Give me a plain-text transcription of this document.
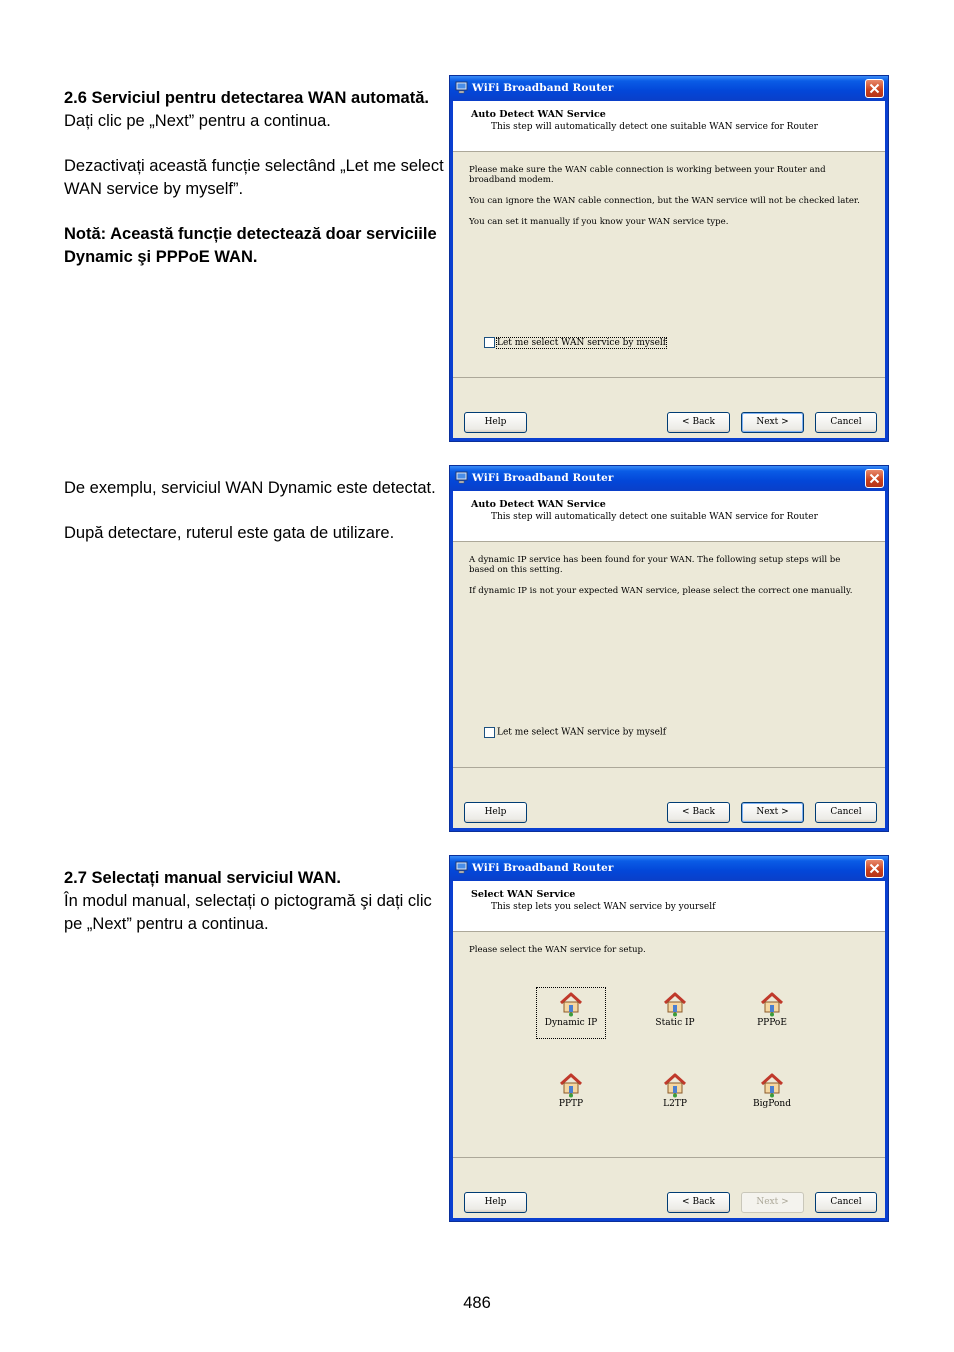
2.6 Serviciul pentru detectarea WAN automată.

Dați clic pe „Next” pentru a continua.

Dezactivați această funcție selectând „Let me select WAN service by myself”.

Notă: Această funcție detectează doar serviciile Dynamic şi PPPoE WAN.

WiFi Broadband Router
Auto Detect WAN Service
This step will automatically detect one suitable WAN service for Router

Please make sure the WAN cable connection is working between your Router and broadband modem.

You can ignore the WAN cable connection, but the WAN service will not be checked later.

You can set it manually if you know your WAN service type.

Let me select WAN service by myself
Help	< Back	Next >	Cancel

De exemplu, serviciul WAN Dynamic este detectat.

După detectare, ruterul este gata de utilizare.

WiFi Broadband Router
Auto Detect WAN Service
This step will automatically detect one suitable WAN service for Router

A dynamic IP service has been found for your WAN. The following setup steps will be based on this setting.

If dynamic IP is not your expected WAN service, please select the correct one manually.

Let me select WAN service by myself
Help	< Back	Next >	Cancel

2.7 Selectați manual serviciul WAN.

În modul manual, selectați o pictogramă şi dați clic pe „Next” pentru a continua.

WiFi Broadband Router
Select WAN Service
This step lets you select WAN service by yourself

Please select the WAN service for setup.

Dynamic IP	Static IP	PPPoE
PPTP	L2TP	BigPond
Help	< Back	Next >	Cancel
486
